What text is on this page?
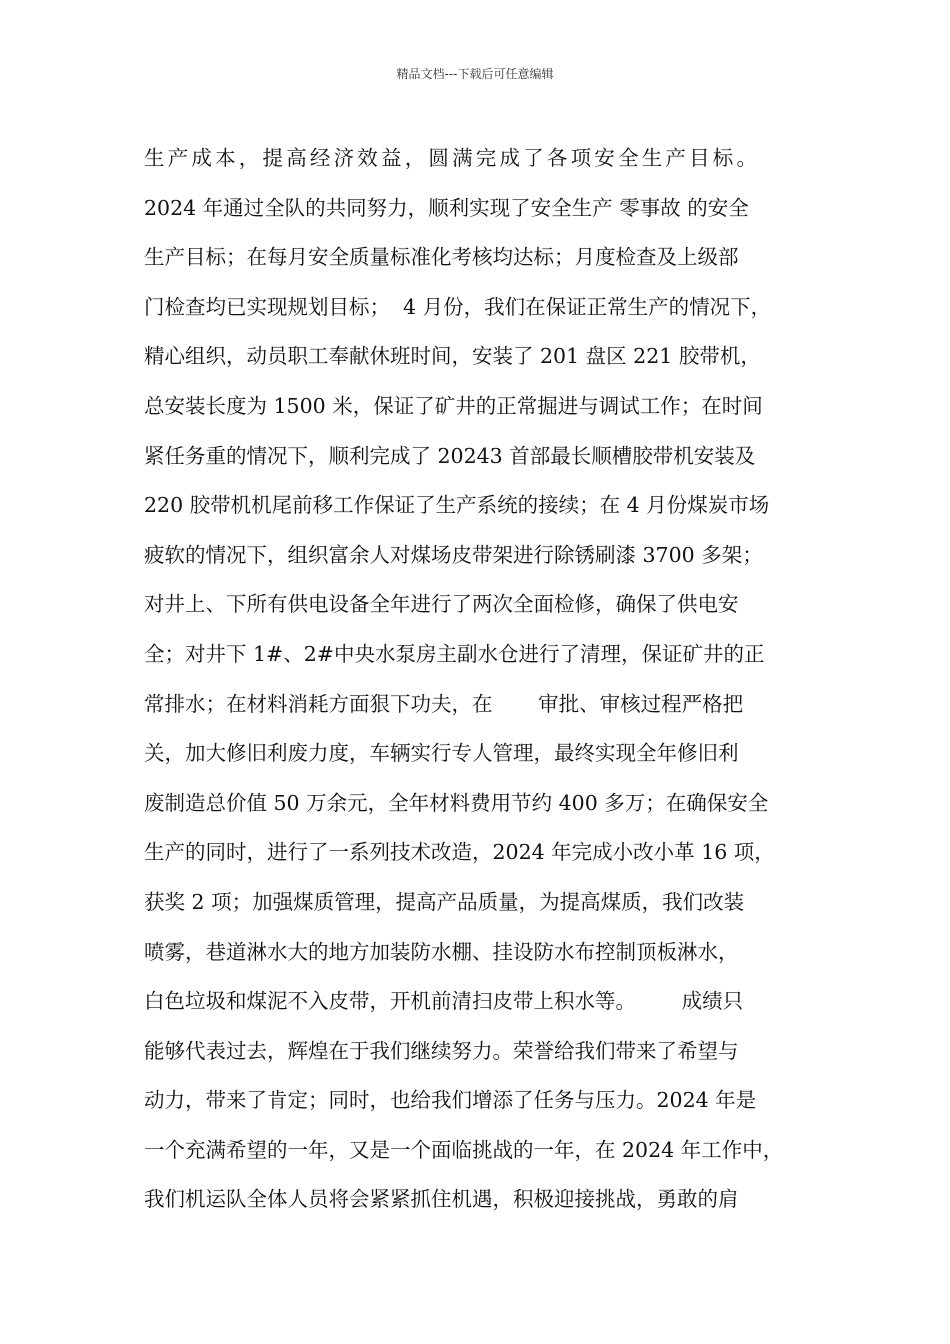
精品文档---下载后可任意编辑
生产成本，提高经济效益，圆满完成了各项安全生产目标。
2024 年通过全队的共同努力，顺利实现了安全生产 零事故 的安全
生产目标；在每月安全质量标准化考核均达标；月度检查及上级部
门检查均已实现规划目标；  4 月份，我们在保证正常生产的情况下，
精心组织，动员职工奉献休班时间，安装了 201 盘区 221 胶带机，
总安装长度为 1500 米，保证了矿井的正常掘进与调试工作；在时间
紧任务重的情况下，顺利完成了 20243 首部最长顺槽胶带机安装及
220 胶带机机尾前移工作保证了生产系统的接续；在 4 月份煤炭市场
疲软的情况下，组织富余人对煤场皮带架进行除锈刷漆 3700 多架；
对井上、下所有供电设备全年进行了两次全面检修，确保了供电安
全；对井下 1#、2#中央水泵房主副水仓进行了清理，保证矿井的正
常排水；在材料消耗方面狠下功夫，在       审批、审核过程严格把
关，加大修旧利废力度，车辆实行专人管理，最终实现全年修旧利
废制造总价值 50 万余元，全年材料费用节约 400 多万；在确保安全
生产的同时，进行了一系列技术改造，2024 年完成小改小革 16 项，
获奖 2 项；加强煤质管理，提高产品质量，为提高煤质，我们改装
喷雾，巷道淋水大的地方加装防水棚、挂设防水布控制顶板淋水，
白色垃圾和煤泥不入皮带，开机前清扫皮带上积水等。       成绩只
能够代表过去，辉煌在于我们继续努力。荣誉给我们带来了希望与
动力，带来了肯定；同时，也给我们增添了任务与压力。2024 年是
一个充满希望的一年，又是一个面临挑战的一年，在 2024 年工作中，
我们机运队全体人员将会紧紧抓住机遇，积极迎接挑战，勇敢的肩
